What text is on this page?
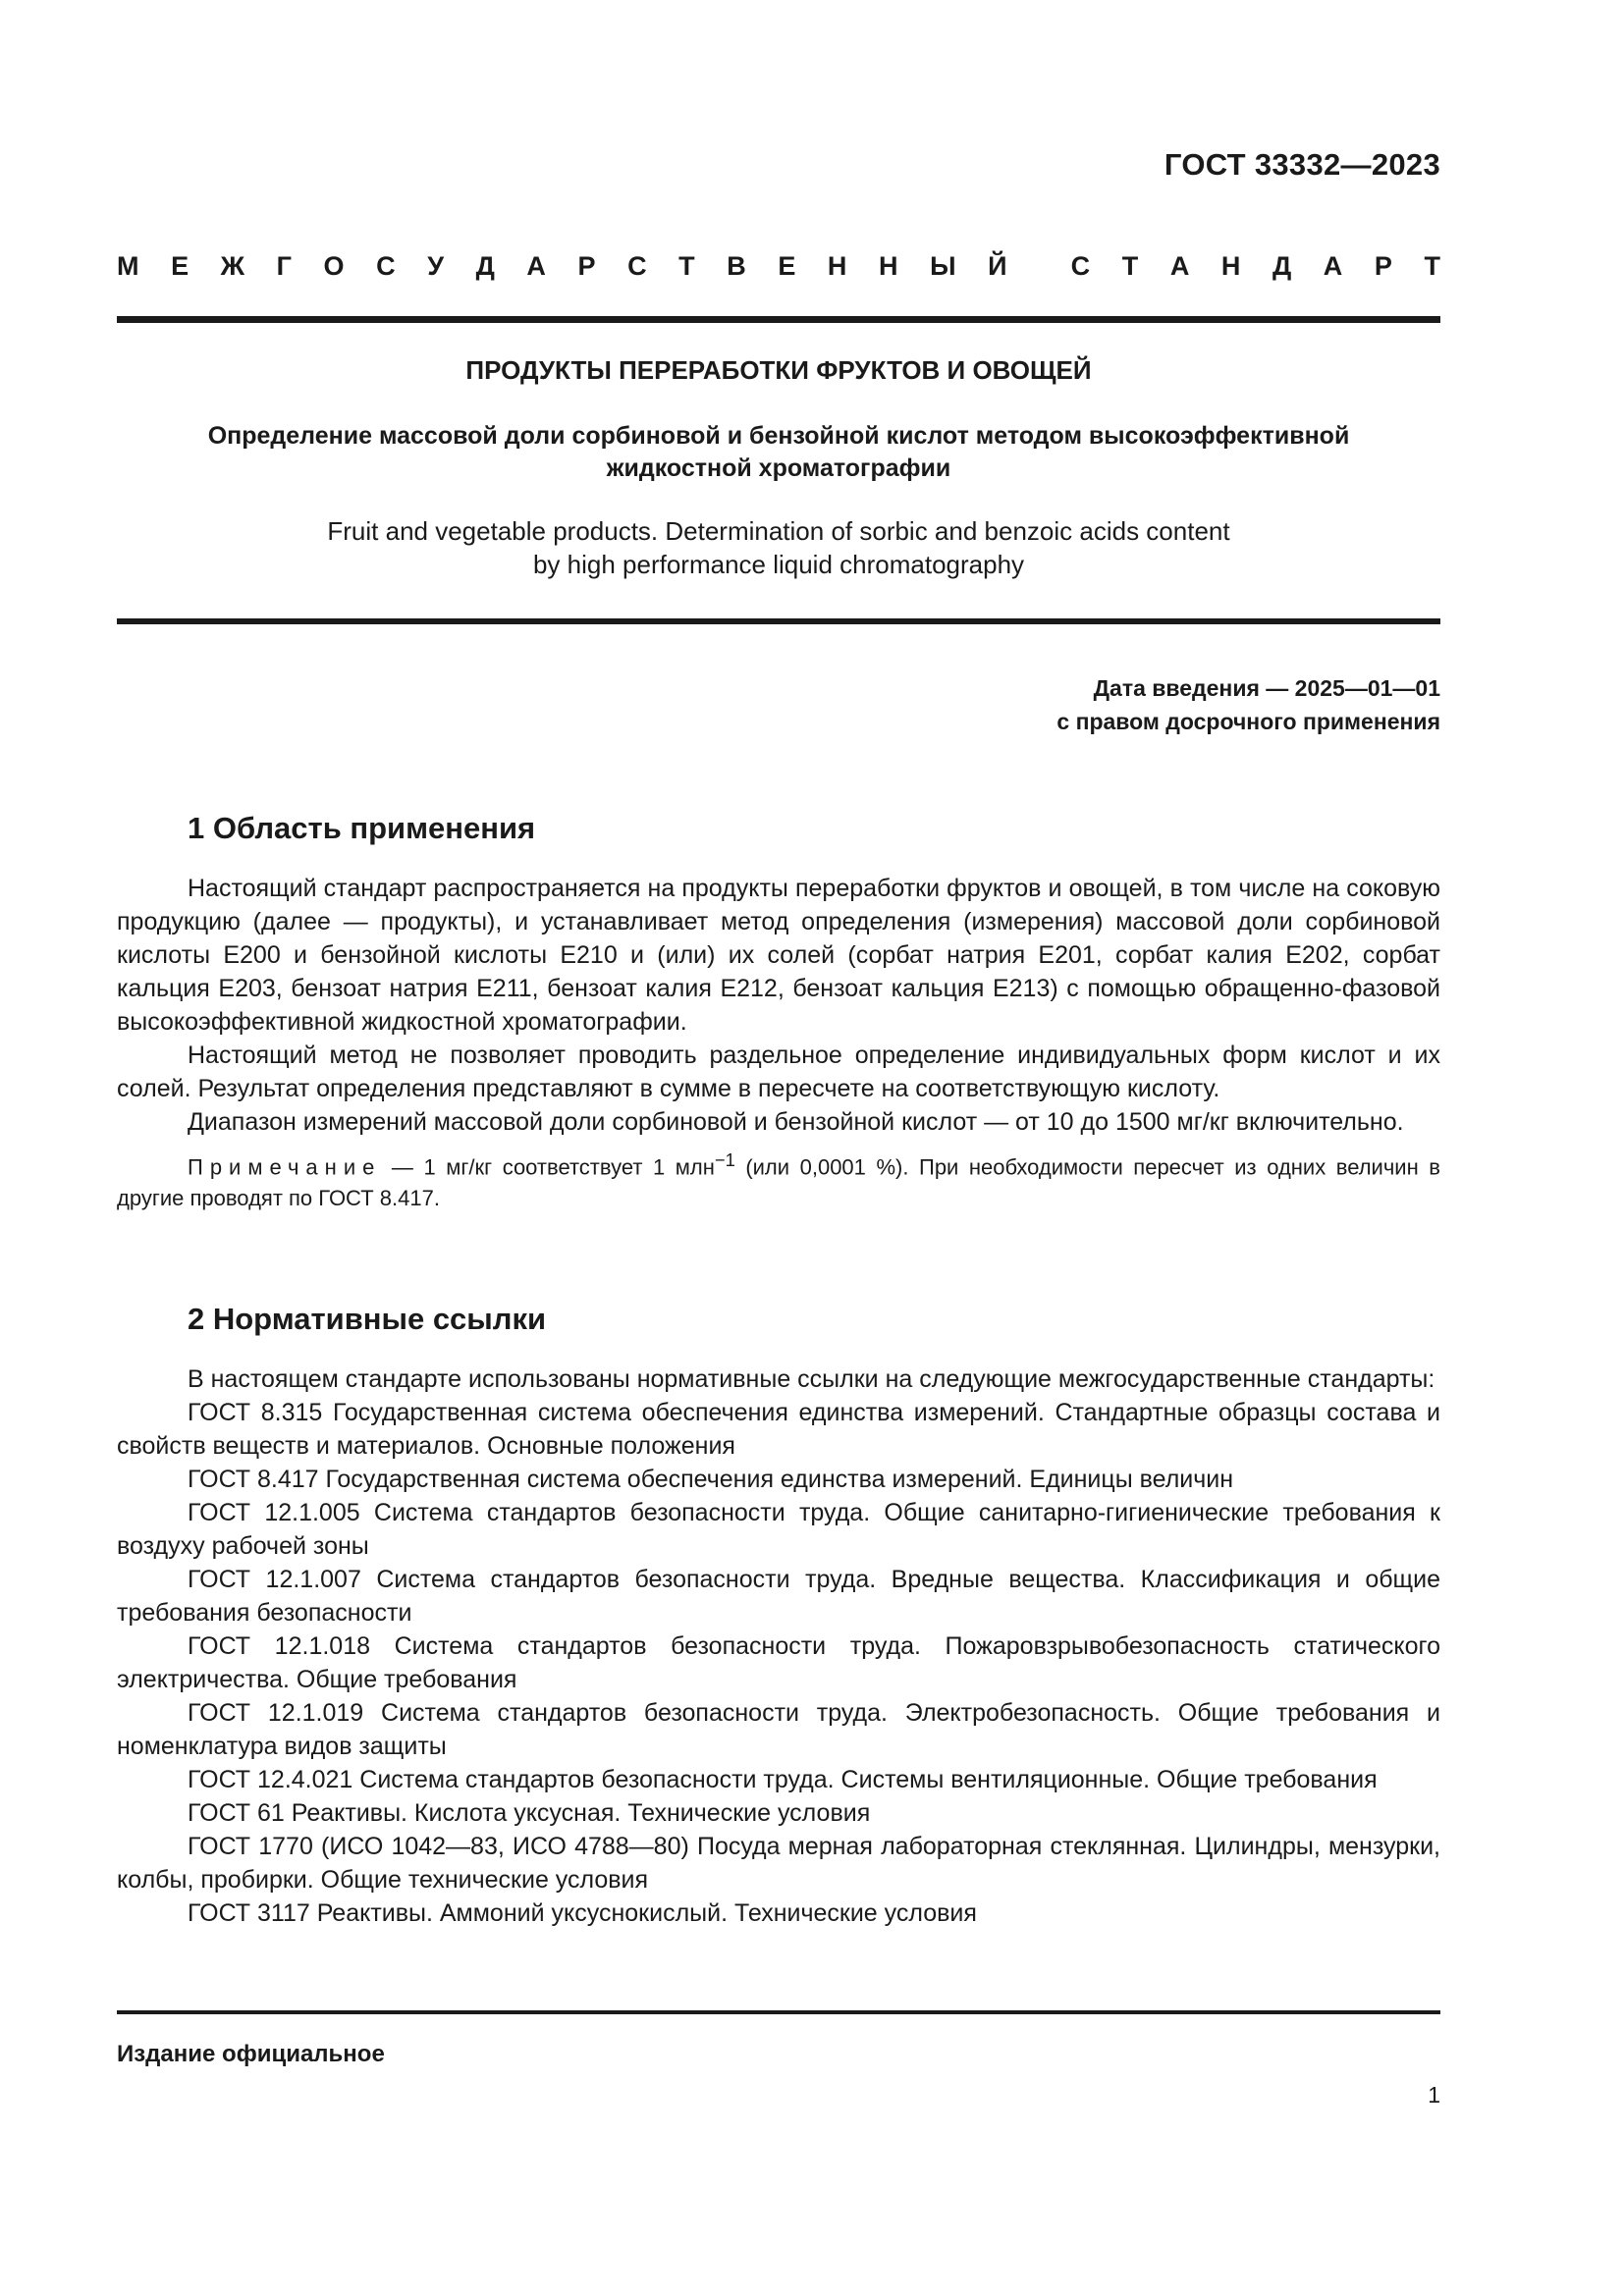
ГОСТ 33332—2023
М Е Ж Г О С У Д А Р С Т В Е Н Н Ы Й С Т А Н Д А Р Т
ПРОДУКТЫ ПЕРЕРАБОТКИ ФРУКТОВ И ОВОЩЕЙ
Определение массовой доли сорбиновой и бензойной кислот методом высокоэффективной
жидкостной хроматографии
Fruit and vegetable products. Determination of sorbic and benzoic acids content
by high performance liquid chromatography
Дата введения — 2025—01—01
с правом досрочного применения
1 Область применения

Настоящий стандарт распространяется на продукты переработки фруктов и овощей, в том числе на соковую продукцию (далее — продукты), и устанавливает метод определения (измерения) массовой доли сорбиновой кислоты Е200 и бензойной кислоты Е210 и (или) их солей (сорбат натрия Е201, сорбат калия Е202, сорбат кальция Е203, бензоат натрия Е211, бензоат калия Е212, бензоат кальция Е213) с помощью обращенно-фазовой высокоэффективной жидкостной хроматографии.

Настоящий метод не позволяет проводить раздельное определение индивидуальных форм кислот и их солей. Результат определения представляют в сумме в пересчете на соответствующую кислоту.

Диапазон измерений массовой доли сорбиновой и бензойной кислот — от 10 до 1500 мг/кг включительно.

Примечание — 1 мг/кг соответствует 1 млн$^{-1}$ (или 0,0001 %). При необходимости пересчет из одних величин в другие проводят по ГОСТ 8.417.

2 Нормативные ссылки

В настоящем стандарте использованы нормативные ссылки на следующие межгосударственные стандарты:

ГОСТ 8.315 Государственная система обеспечения единства измерений. Стандартные образцы состава и свойств веществ и материалов. Основные положения

ГОСТ 8.417 Государственная система обеспечения единства измерений. Единицы величин

ГОСТ 12.1.005 Система стандартов безопасности труда. Общие санитарно-гигиенические требования к воздуху рабочей зоны

ГОСТ 12.1.007 Система стандартов безопасности труда. Вредные вещества. Классификация и общие требования безопасности

ГОСТ 12.1.018 Система стандартов безопасности труда. Пожаровзрывобезопасность статического электричества. Общие требования

ГОСТ 12.1.019 Система стандартов безопасности труда. Электробезопасность. Общие требования и номенклатура видов защиты

ГОСТ 12.4.021 Система стандартов безопасности труда. Системы вентиляционные. Общие требования

ГОСТ 61 Реактивы. Кислота уксусная. Технические условия

ГОСТ 1770 (ИСО 1042—83, ИСО 4788—80) Посуда мерная лабораторная стеклянная. Цилиндры, мензурки, колбы, пробирки. Общие технические условия

ГОСТ 3117 Реактивы. Аммоний уксуснокислый. Технические условия

Издание официальное
1
